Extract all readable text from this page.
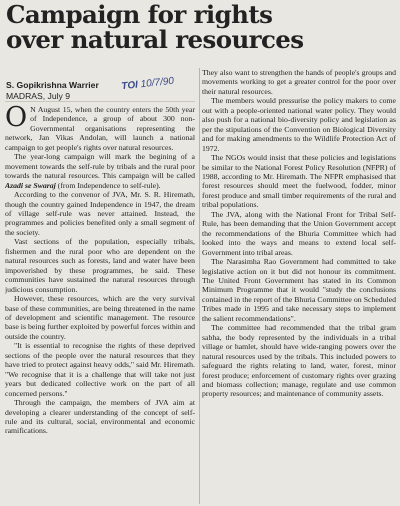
Campaign for rights
over natural resources
S. Gopikrishna Warrier
MADRAS, July 9
TOI 10/7/90

O N August 15, when the country enters the 50th year of Independence, a group of about 300 non-Governmental organisations representing the network, Jan Vikas Andolan, will launch a national campaign to get people's rights over natural resources.

The year-long campaign will mark the begining of a movement towards the self-rule by tribals and the rural poor towards the natural resources. This campaign will be called Azadi se Swaraj (from Independence to self-rule).

According to the convenor of JVA, Mr. S. R. Hiremath, though the country gained Independence in 1947, the dream of village self-rule was never attained. Instead, the programmes and policies benefited only a small segment of the society.

Vast sections of the population, especially tribals, fishermen and the rural poor who are dependent on the natural resources such as forests, land and water have been impoverished by these programmes, he said. These communities have sustained the natural resources through judicious consumption.

However, these resources, which are the very survival base of these communities, are being threatened in the name of development and scientific management. The resource base is being further exploited by powerful forces within and outside the country.

"It is essential to recognise the rights of these deprived sections of the people over the natural resources that they have tried to protect against heavy odds," said Mr. Hiremath. "We recognise that it is a challenge that will take not just years but dedicated collective work on the part of all concerned persons."

Through the campaign, the members of JVA aim at developing a clearer understanding of the concept of self-rule and its cultural, social, environmental and economic ramifications.

They also want to strengthen the hands of people's groups and movements working to get a greater control for the poor over their natural resources.

The members would pressurise the policy makers to come out with a people-oriented national water policy. They would also push for a national bio-diversity policy and legislation as per the stipulations of the Convention on Biological Diversity and for making amendments to the Wildlife Protection Act of 1972.

The NGOs would insist that these policies and legislations be similar to the National Forest Policy Resolution (NFPR) of 1988, according to Mr. Hiremath. The NFPR emphasised that forest resources should meet the fuelwood, fodder, minor forest produce and small timber requirements of the rural and tribal populations.

The JVA, along with the National Front for Tribal Self-Rule, has been demanding that the Union Government accept the recommendations of the Bhuria Committee which had looked into the ways and means to extend local self-Government into tribal areas.

The Narasimha Rao Government had committed to take legislative action on it but did not honour its commitment. The United Front Government has stated in its Common Minimum Programme that it would "study the conclusions contained in the report of the Bhuria Committee on Scheduled Tribes made in 1995 and take necessary steps to implement the salient recommendations".

The committee had recommended that the tribal gram sabha, the body represented by the individuals in a tribal village or hamlet, should have wide-ranging powers over the natural resources used by the tribals. This included powers to safeguard the rights relating to land, water, forest, minor forest produce; enforcement of customary rights over grazing and biomass collection; manage, regulate and use common property resources; and maintenance of community assets.
